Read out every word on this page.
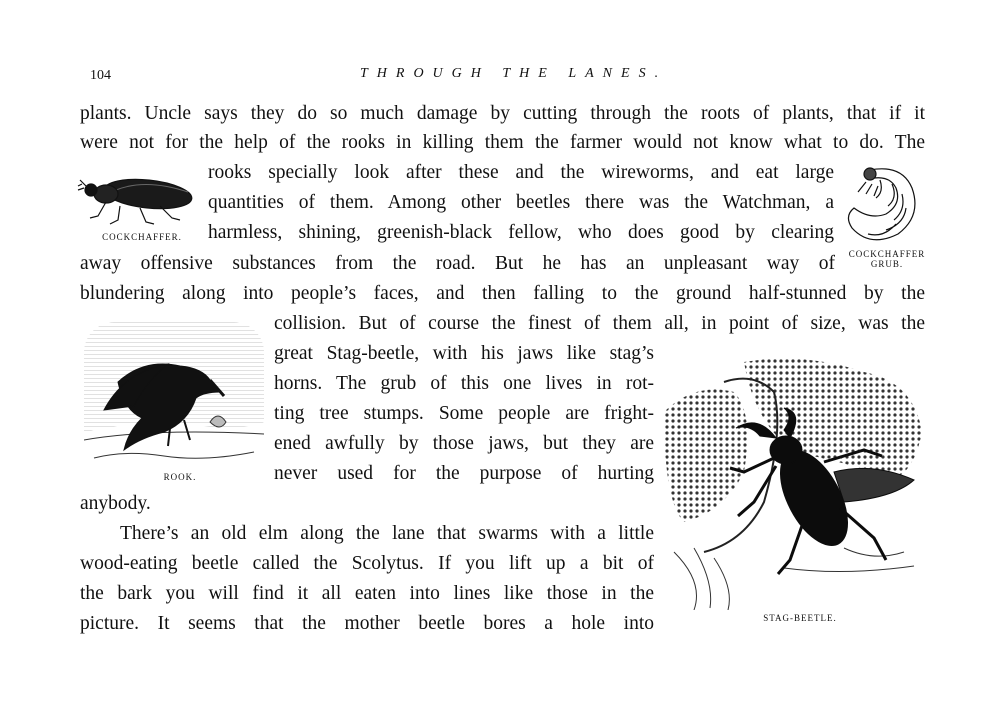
104	THROUGH THE LANES.
plants. Uncle says they do so much damage by cutting through the roots of plants, that if it
were not for the help of the rooks in killing them the farmer would not know what to do. The
rooks specially look after these and the wireworms, and eat large
quantities of them. Among other beetles there was the Watchman, a
harmless, shining, greenish-black fellow, who does good by clearing
away offensive substances from the road. But he has an unpleasant way of
blundering along into people’s faces, and then falling to the ground half-stunned by the
collision. But of course the finest of them all, in point of size, was the
great Stag-beetle, with his jaws like stag’s
horns. The grub of this one lives in rot-
ting tree stumps. Some people are fright-
ened awfully by those jaws, but they are
never used for the purpose of hurting
anybody.
There’s an old elm along the lane that swarms with a little
wood-eating beetle called the Scolytus. If you lift up a bit of
the bark you will find it all eaten into lines like those in the
picture. It seems that the mother beetle bores a hole into
COCKCHAFFER.
COCKCHAFFER
GRUB.
ROOK.
STAG-BEETLE.
